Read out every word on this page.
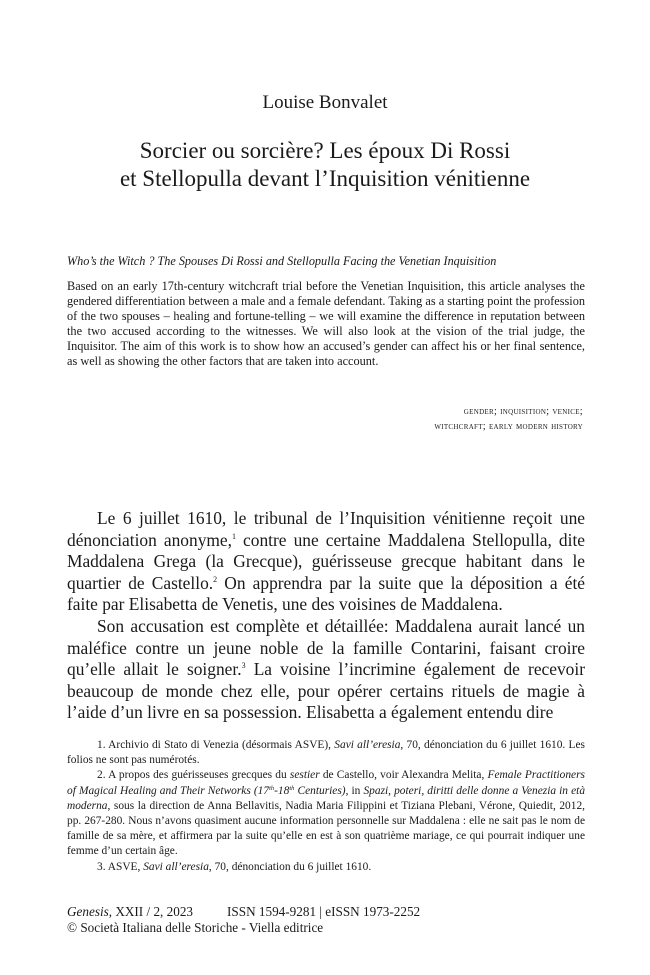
Louise Bonvalet
Sorcier ou sorcière? Les époux Di Rossi
et Stellopulla devant l’Inquisition vénitienne
Who’s the Witch ? The Spouses Di Rossi and Stellopulla Facing the Venetian Inquisition
Based on an early 17th-century witchcraft trial before the Venetian Inquisition, this article analyses the gendered differentiation between a male and a female defendant. Taking as a starting point the profession of the two spouses – healing and fortune-telling – we will examine the difference in reputation between the two accused according to the witnesses. We will also look at the vision of the trial judge, the Inquisitor. The aim of this work is to show how an accused’s gender can affect his or her final sentence, as well as showing the other factors that are taken into account.
gender; inquisition; venice;
witchcraft; early modern history

Le 6 juillet 1610, le tribunal de l’Inquisition vénitienne reçoit une dénonciation anonyme,$^1$ contre une certaine Maddalena Stellopulla, dite Maddalena Grega (la Grecque), guérisseuse grecque habitant dans le quartier de Castello.$^2$ On apprendra par la suite que la déposition a été faite par Elisabetta de Venetis, une des voisines de Maddalena.

Son accusation est complète et détaillée: Maddalena aurait lancé un maléfice contre un jeune noble de la famille Contarini, faisant croire qu’elle allait le soigner.$^3$ La voisine l’incrimine également de recevoir beaucoup de monde chez elle, pour opérer certains rituels de magie à l’aide d’un livre en sa possession. Elisabetta a également entendu dire

1. Archivio di Stato di Venezia (désormais ASVE), Savi all’eresia, 70, dénonciation du 6 juillet 1610. Les folios ne sont pas numérotés.

2. A propos des guérisseuses grecques du sestier de Castello, voir Alexandra Melita, Female Practitioners of Magical Healing and Their Networks (17th-18th Centuries), in Spazi, poteri, diritti delle donne a Venezia in età moderna, sous la direction de Anna Bellavitis, Nadia Maria Filippini et Tiziana Plebani, Vérone, Quiedit, 2012, pp. 267-280. Nous n’avons quasiment aucune information personnelle sur Maddalena : elle ne sait pas le nom de famille de sa mère, et affirmera par la suite qu’elle en est à son quatrième mariage, ce qui pourrait indiquer une femme d’un certain âge.

3. ASVE, Savi all’eresia, 70, dénonciation du 6 juillet 1610.

Genesis, XXII / 2, 2023	ISSN 1594-9281 | eISSN 1973-2252
© Società Italiana delle Storiche - Viella editrice
